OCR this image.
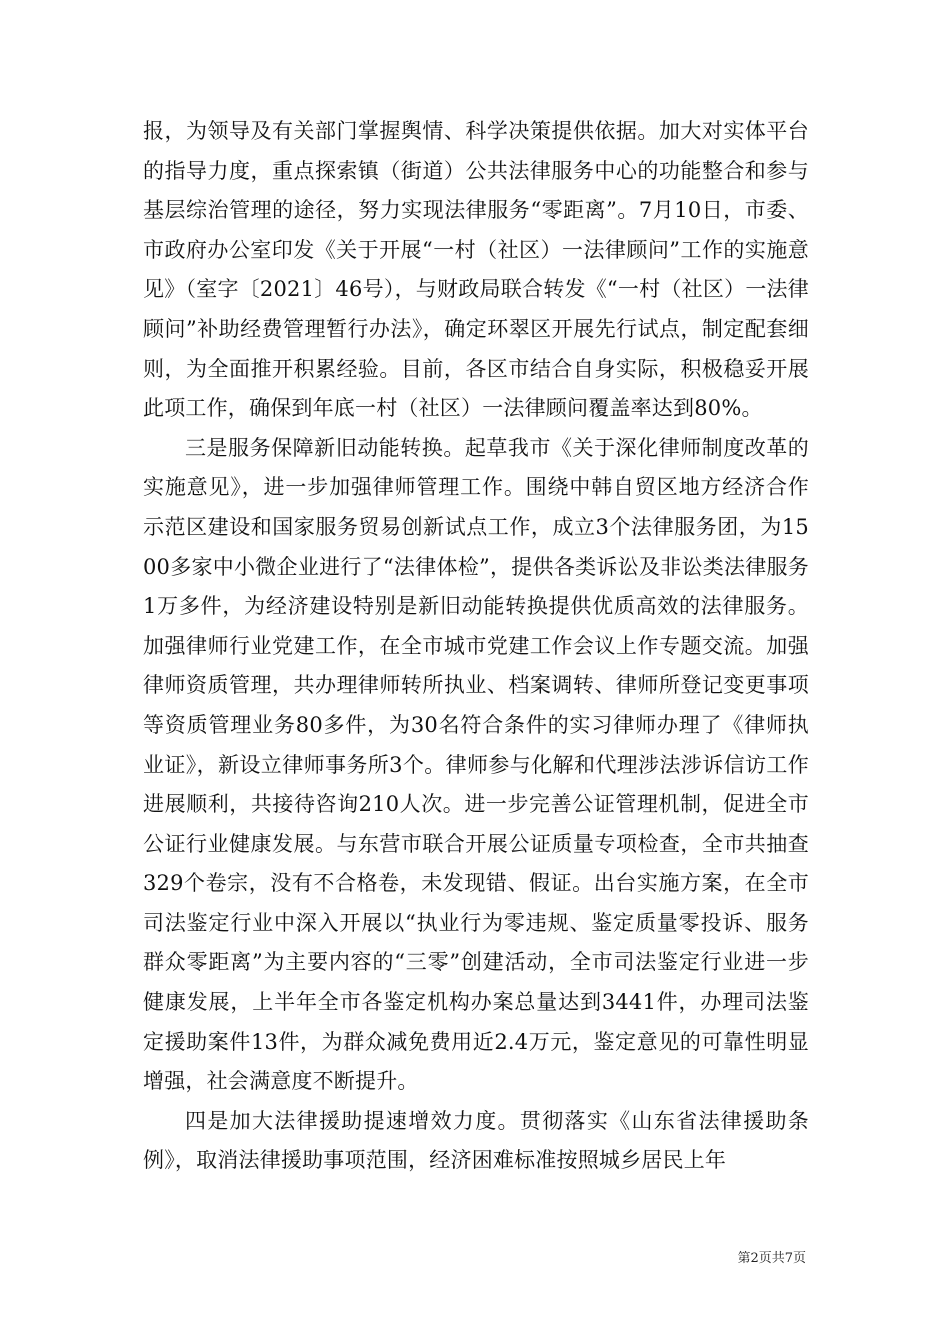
报，为领导及有关部门掌握舆情、科学决策提供依据。加大对实体平台的指导力度，重点探索镇（街道）公共法律服务中心的功能整合和参与基层综治管理的途径，努力实现法律服务“零距离”。7月10日，市委、市政府办公室印发《关于开展“一村（社区）一法律顾问”工作的实施意见》（室字〔2021〕46号），与财政局联合转发《“一村（社区）一法律顾问”补助经费管理暂行办法》，确定环翠区开展先行试点，制定配套细则，为全面推开积累经验。目前，各区市结合自身实际，积极稳妥开展此项工作，确保到年底一村（社区）一法律顾问覆盖率达到80%。

三是服务保障新旧动能转换。起草我市《关于深化律师制度改革的实施意见》，进一步加强律师管理工作。围绕中韩自贸区地方经济合作示范区建设和国家服务贸易创新试点工作，成立3个法律服务团，为1500多家中小微企业进行了“法律体检”，提供各类诉讼及非讼类法律服务1万多件，为经济建设特别是新旧动能转换提供优质高效的法律服务。加强律师行业党建工作，在全市城市党建工作会议上作专题交流。加强律师资质管理，共办理律师转所执业、档案调转、律师所登记变更事项等资质管理业务80多件，为30名符合条件的实习律师办理了《律师执业证》，新设立律师事务所3个。律师参与化解和代理涉法涉诉信访工作进展顺利，共接待咨询210人次。进一步完善公证管理机制，促进全市公证行业健康发展。与东营市联合开展公证质量专项检查，全市共抽查329个卷宗，没有不合格卷，未发现错、假证。出台实施方案，在全市司法鉴定行业中深入开展以“执业行为零违规、鉴定质量零投诉、服务群众零距离”为主要内容的“三零”创建活动，全市司法鉴定行业进一步健康发展，上半年全市各鉴定机构办案总量达到3441件，办理司法鉴定援助案件13件，为群众减免费用近2.4万元，鉴定意见的可靠性明显增强，社会满意度不断提升。

四是加大法律援助提速增效力度。贯彻落实《山东省法律援助条例》，取消法律援助事项范围，经济困难标准按照城乡居民上年

第2页共7页
